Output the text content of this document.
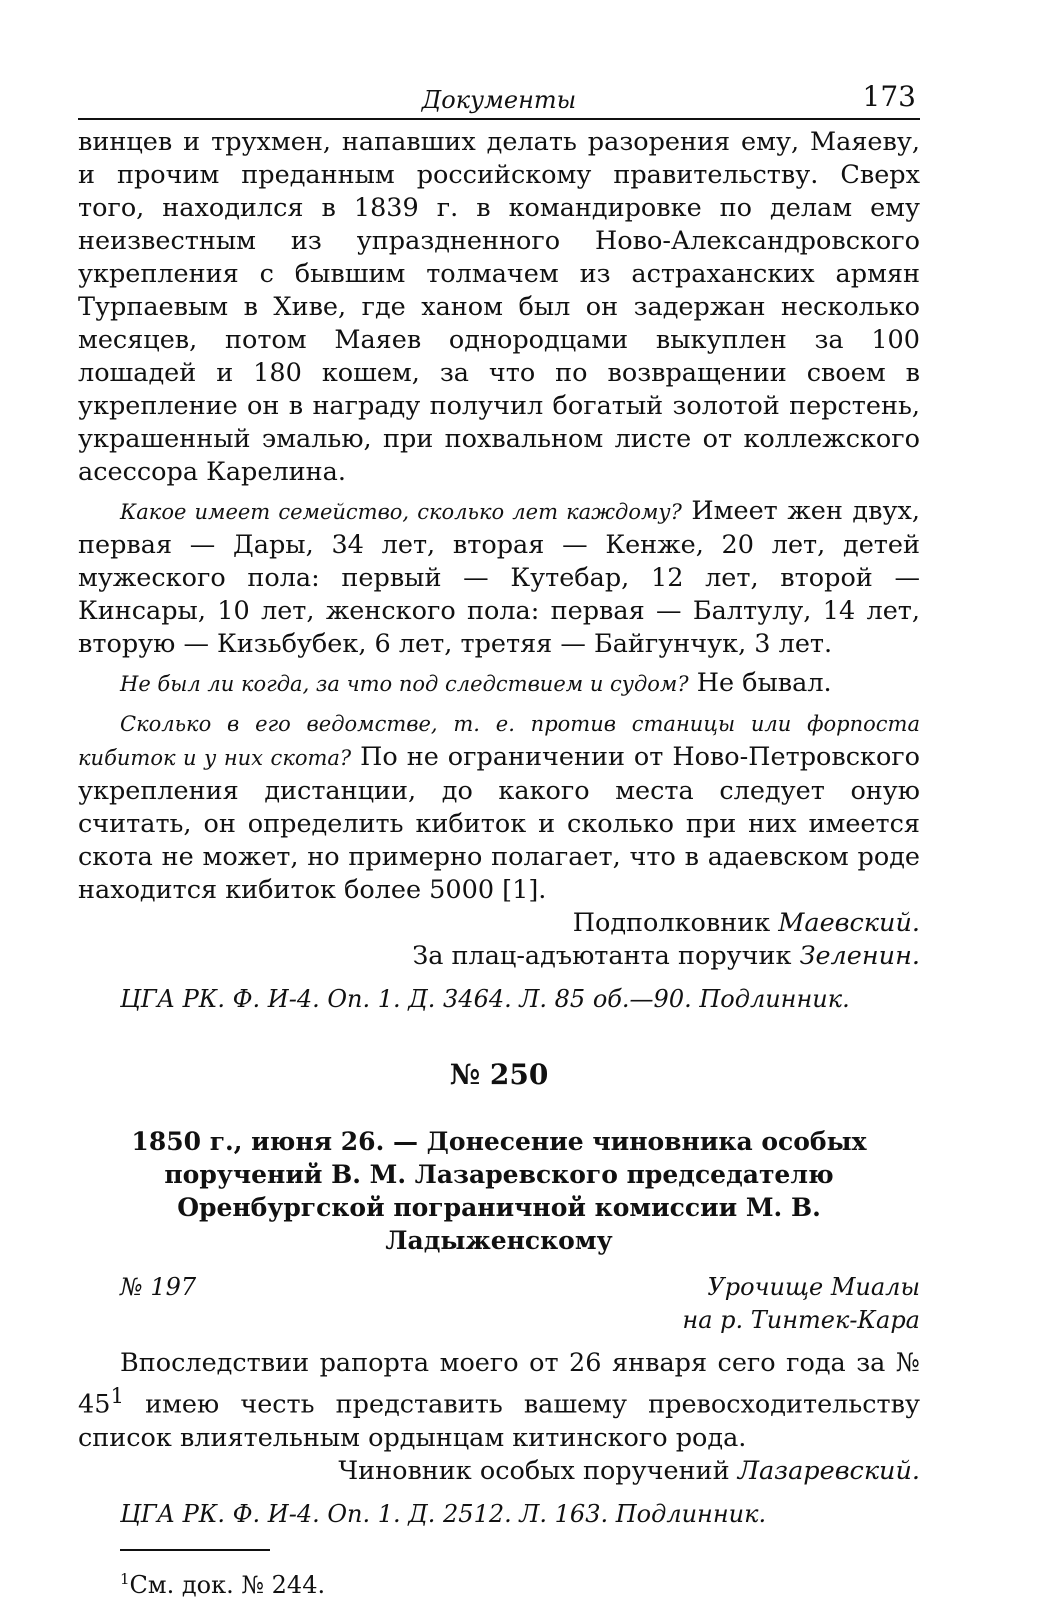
Документы	173

винцев и трухмен, напавших делать разорения ему, Маяеву, и прочим преданным российскому правительству. Сверх того, находился в 1839 г. в командировке по делам ему неизвестным из упраздненного Ново-Александровского укрепления с бывшим толмачем из астраханских армян Турпаевым в Хиве, где ханом был он задержан несколько месяцев, потом Маяев однородцами выкуплен за 100 лошадей и 180 кошем, за что по возвращении своем в укрепление он в награду получил богатый золотой перстень, украшенный эмалью, при похвальном листе от коллежского асессора Карелина.

Какое имеет семейство, сколько лет каждому? Имеет жен двух, первая — Дары, 34 лет, вторая — Кенже, 20 лет, детей мужеского пола: первый — Кутебар, 12 лет, второй — Кинсары, 10 лет, женского пола: первая — Балтулу, 14 лет, вторую — Кизьбубек, 6 лет, третяя — Байгунчук, 3 лет.

Не был ли когда, за что под следствием и судом? Не бывал.

Сколько в его ведомстве, т. е. против станицы или форпоста кибиток и у них скота? По не ограничении от Ново-Петровского укрепления дистанции, до какого места следует оную считать, он определить кибиток и сколько при них имеется скота не может, но примерно полагает, что в адаевском роде находится кибиток более 5000 [1].

Подполковник Маевский.

За плац-адъютанта поручик Зеленин.

ЦГА РК. Ф. И-4. Оп. 1. Д. 3464. Л. 85 об.—90. Подлинник.
№ 250
1850 г., июня 26. — Донесение чиновника особых поручений В. М. Лазаревского председателю Оренбургской пограничной комиссии М. В. Ладыженскому
№ 197	Урочище Миалы
на р. Тинтек-Кара

Впоследствии рапорта моего от 26 января сего года за № $45^1$ имею честь представить вашему превосходительству список влиятельным ордынцам китинского рода.

Чиновник особых поручений Лазаревский.

ЦГА РК. Ф. И-4. Оп. 1. Д. 2512. Л. 163. Подлинник.
$^1$См. док. № 244.
